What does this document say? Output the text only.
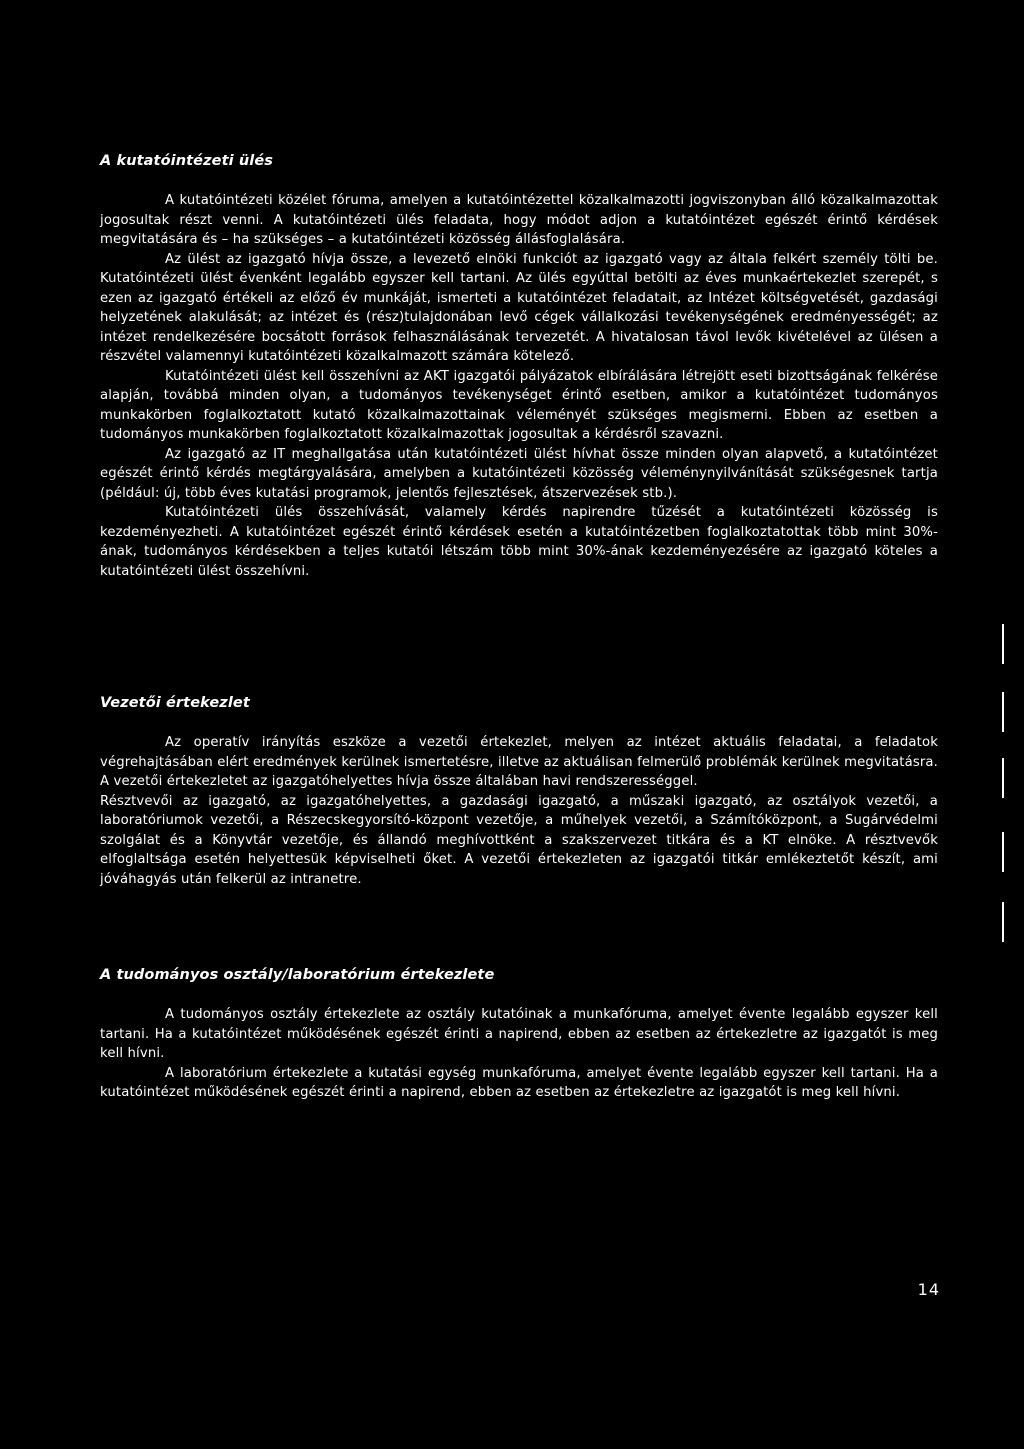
A kutatóintézeti ülés

A kutatóintézeti közélet fóruma, amelyen a kutatóintézettel közalkalmazotti jogviszonyban álló közalkalmazottak jogosultak részt venni. A kutatóintézeti ülés feladata, hogy módot adjon a kutatóintézet egészét érintő kérdések megvitatására és – ha szükséges – a kutatóintézeti közösség állásfoglalására.

Az ülést az igazgató hívja össze, a levezető elnöki funkciót az igazgató vagy az általa felkért személy tölti be. Kutatóintézeti ülést évenként legalább egyszer kell tartani. Az ülés egyúttal betölti az éves munkaértekezlet szerepét, s ezen az igazgató értékeli az előző év munkáját, ismerteti a kutatóintézet feladatait, az Intézet költségvetését, gazdasági helyzetének alakulását; az intézet és (rész)tulajdonában levő cégek vállalkozási tevékenységének eredményességét; az intézet rendelkezésére bocsátott források felhasználásának tervezetét. A hivatalosan távol levők kivételével az ülésen a részvétel valamennyi kutatóintézeti közalkalmazott számára kötelező.

Kutatóintézeti ülést kell összehívni az AKT igazgatói pályázatok elbírálására létrejött eseti bizottságának felkérése alapján, továbbá minden olyan, a tudományos tevékenységet érintő esetben, amikor a kutatóintézet tudományos munkakörben foglalkoztatott kutató közalkalmazottainak véleményét szükséges megismerni. Ebben az esetben a tudományos munkakörben foglalkoztatott közalkalmazottak jogosultak a kérdésről szavazni.

Az igazgató az IT meghallgatása után kutatóintézeti ülést hívhat össze minden olyan alapvető, a kutatóintézet egészét érintő kérdés megtárgyalására, amelyben a kutatóintézeti közösség véleménynyilvánítását szükségesnek tartja (például: új, több éves kutatási programok, jelentős fejlesztések, átszervezések stb.).

Kutatóintézeti ülés összehívását, valamely kérdés napirendre tűzését a kutatóintézeti közösség is kezdeményezheti. A kutatóintézet egészét érintő kérdések esetén a kutatóintézetben foglalkoztatottak több mint 30%-ának, tudományos kérdésekben a teljes kutatói létszám több mint 30%-ának kezdeményezésére az igazgató köteles a kutatóintézeti ülést összehívni.

Vezetői értekezlet

Az operatív irányítás eszköze a vezetői értekezlet, melyen az intézet aktuális feladatai, a feladatok végrehajtásában elért eredmények kerülnek ismertetésre, illetve az aktuálisan felmerülő problémák kerülnek megvitatásra. A vezetői értekezletet az igazgatóhelyettes hívja össze általában havi rendszerességgel.

Résztvevői az igazgató, az igazgatóhelyettes, a gazdasági igazgató, a műszaki igazgató, az osztályok vezetői, a laboratóriumok vezetői, a Részecskegyorsító-központ vezetője, a műhelyek vezetői, a Számítóközpont, a Sugárvédelmi szolgálat és a Könyvtár vezetője, és állandó meghívottként a szakszervezet titkára és a KT elnöke. A résztvevők elfoglaltsága esetén helyettesük képviselheti őket. A vezetői értekezleten az igazgatói titkár emlékeztetőt készít, ami jóváhagyás után felkerül az intranetre.

A tudományos osztály/laboratórium értekezlete

A tudományos osztály értekezlete az osztály kutatóinak a munkafóruma, amelyet évente legalább egyszer kell tartani. Ha a kutatóintézet működésének egészét érinti a napirend, ebben az esetben az értekezletre az igazgatót is meg kell hívni.

A laboratórium értekezlete a kutatási egység munkafóruma, amelyet évente legalább egyszer kell tartani. Ha a kutatóintézet működésének egészét érinti a napirend, ebben az esetben az értekezletre az igazgatót is meg kell hívni.

14
